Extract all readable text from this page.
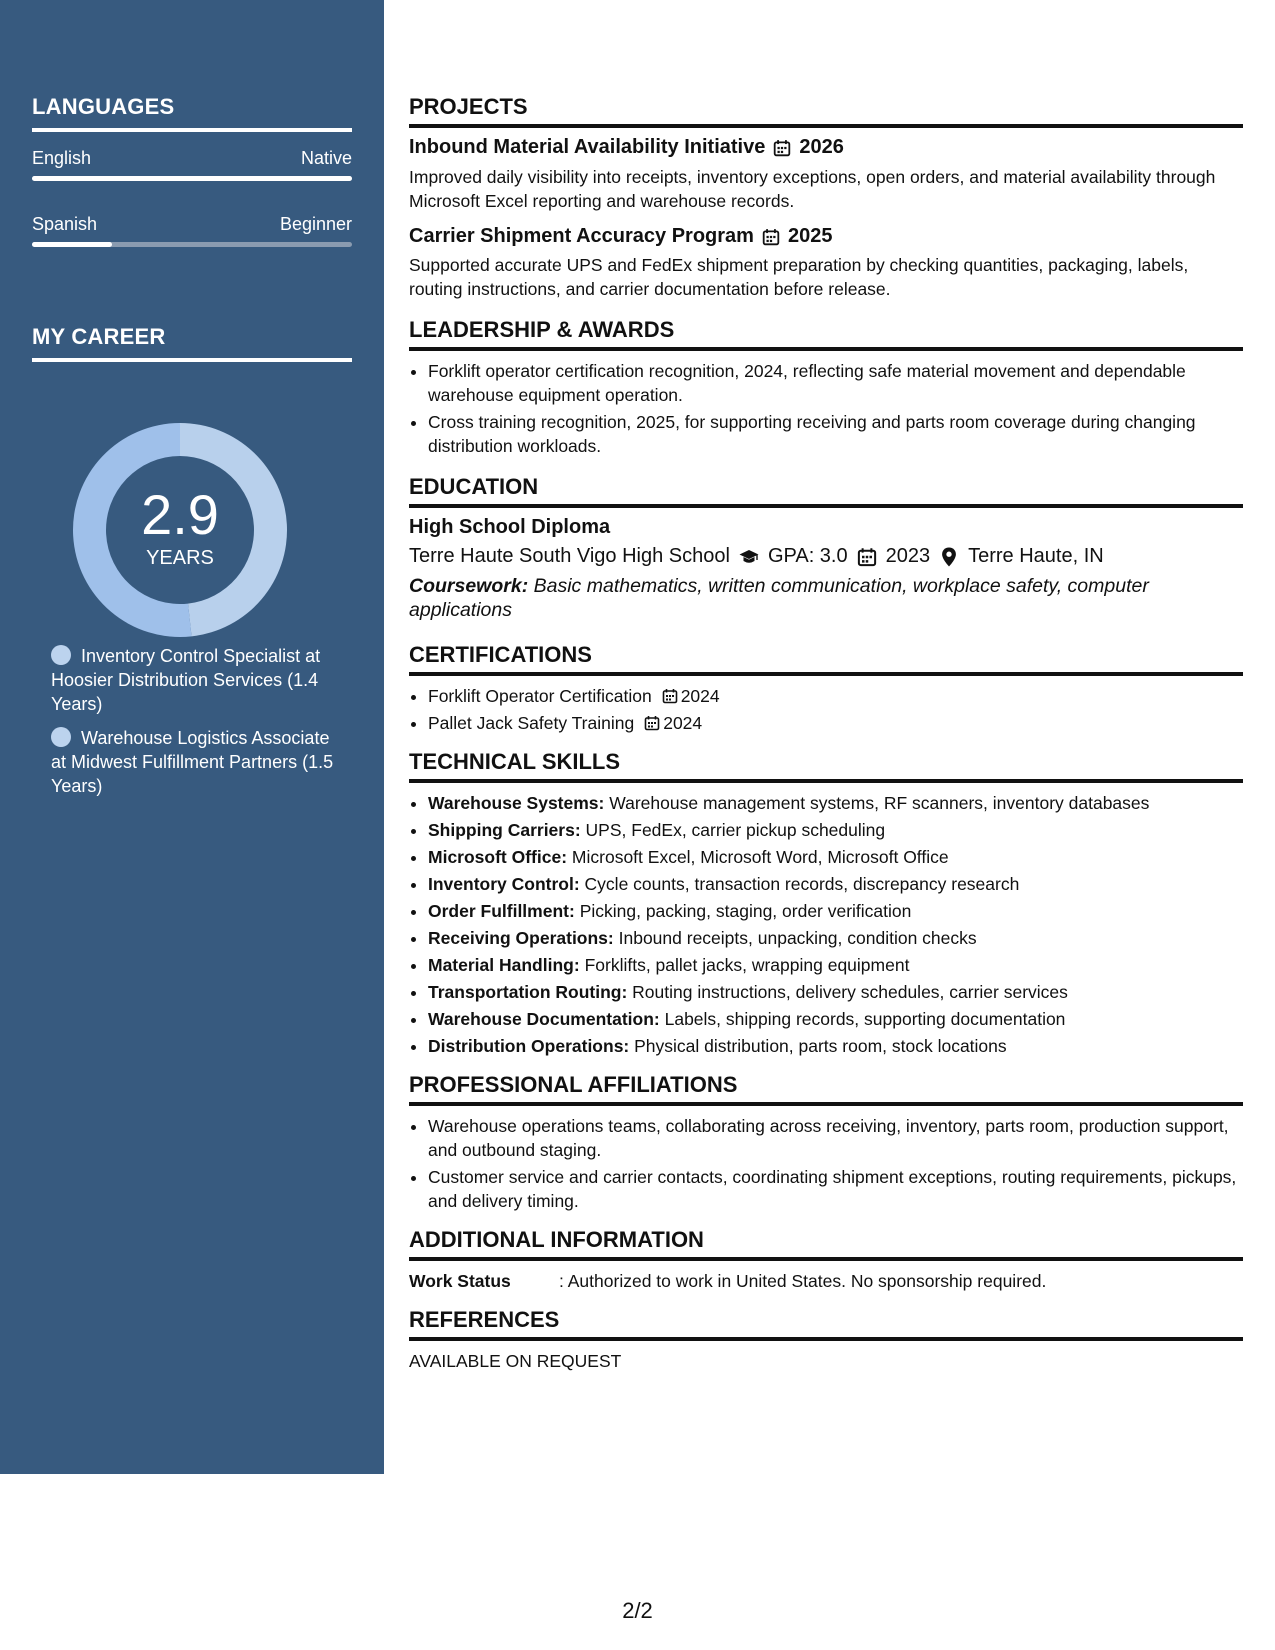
LANGUAGES
English	Native
Spanish	Beginner
MY CAREER
2.9
YEARS
Inventory Control Specialist at Hoosier Distribution Services (1.4 Years)
Warehouse Logistics Associate at Midwest Fulfillment Partners (1.5 Years)
PROJECTS
Inbound Material Availability Initiative 2026
Improved daily visibility into receipts, inventory exceptions, open orders, and material availability through Microsoft Excel reporting and warehouse records.
Carrier Shipment Accuracy Program 2025
Supported accurate UPS and FedEx shipment preparation by checking quantities, packaging, labels, routing instructions, and carrier documentation before release.
LEADERSHIP & AWARDS
• Forklift operator certification recognition, 2024, reflecting safe material movement and dependable warehouse equipment operation.
• Cross training recognition, 2025, for supporting receiving and parts room coverage during changing distribution workloads.
EDUCATION
High School Diploma
Terre Haute South Vigo High School GPA: 3.0 2023 Terre Haute, IN
Coursework: Basic mathematics, written communication, workplace safety, computer applications
CERTIFICATIONS
• Forklift Operator Certification 2024
• Pallet Jack Safety Training 2024
TECHNICAL SKILLS
• Warehouse Systems: Warehouse management systems, RF scanners, inventory databases
• Shipping Carriers: UPS, FedEx, carrier pickup scheduling
• Microsoft Office: Microsoft Excel, Microsoft Word, Microsoft Office
• Inventory Control: Cycle counts, transaction records, discrepancy research
• Order Fulfillment: Picking, packing, staging, order verification
• Receiving Operations: Inbound receipts, unpacking, condition checks
• Material Handling: Forklifts, pallet jacks, wrapping equipment
• Transportation Routing: Routing instructions, delivery schedules, carrier services
• Warehouse Documentation: Labels, shipping records, supporting documentation
• Distribution Operations: Physical distribution, parts room, stock locations
PROFESSIONAL AFFILIATIONS
• Warehouse operations teams, collaborating across receiving, inventory, parts room, production support, and outbound staging.
• Customer service and carrier contacts, coordinating shipment exceptions, routing requirements, pickups, and delivery timing.
ADDITIONAL INFORMATION
Work Status	: Authorized to work in United States. No sponsorship required.
REFERENCES
AVAILABLE ON REQUEST
2/2
